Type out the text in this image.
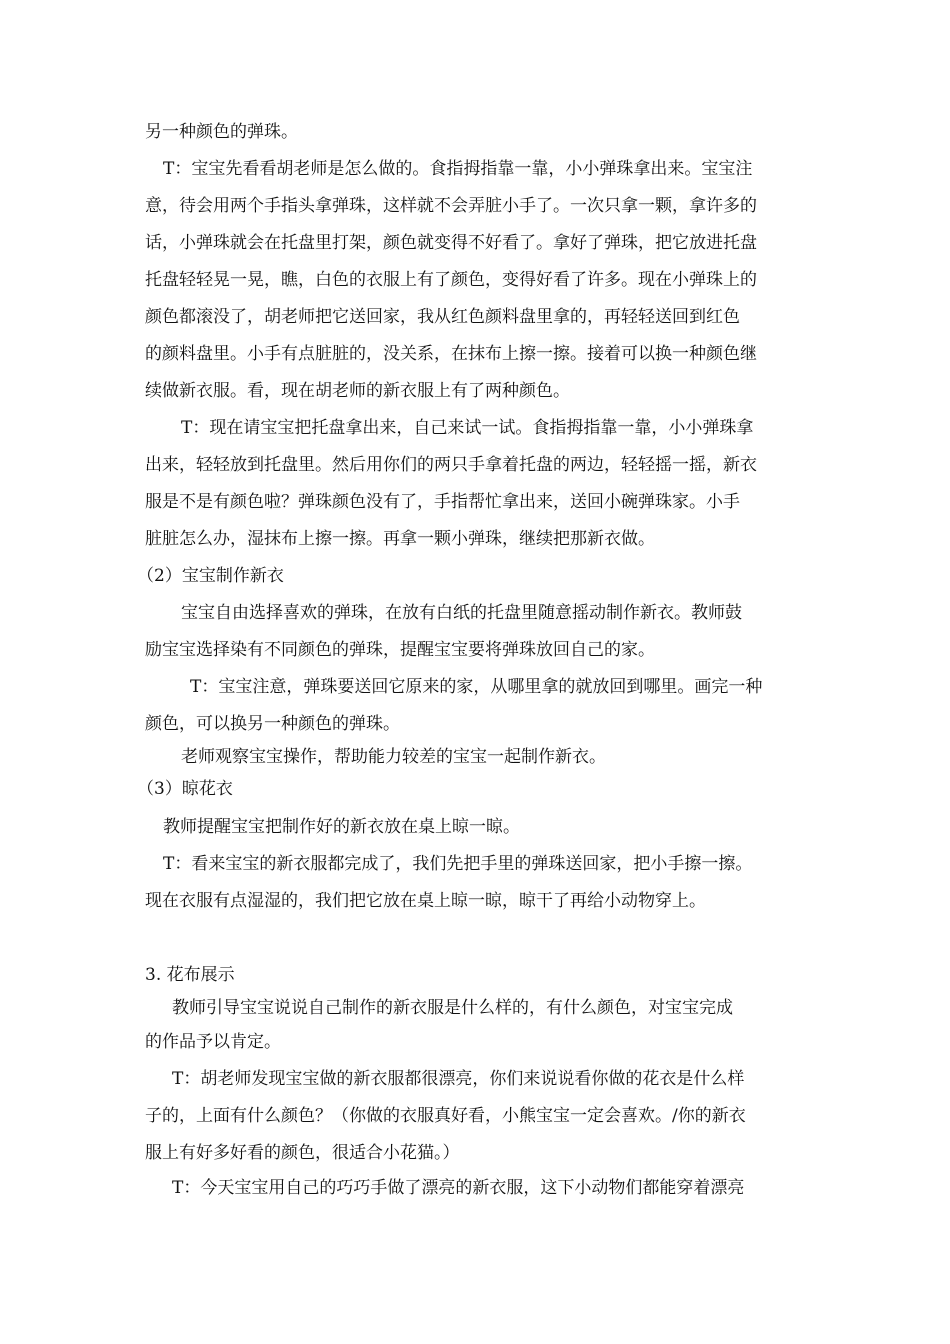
另一种颜色的弹珠。

T：宝宝先看看胡老师是怎么做的。食指拇指靠一靠，小小弹珠拿出来。宝宝注

意，待会用两个手指头拿弹珠，这样就不会弄脏小手了。一次只拿一颗，拿许多的

话，小弹珠就会在托盘里打架，颜色就变得不好看了。拿好了弹珠，把它放进托盘

托盘轻轻晃一晃，瞧，白色的衣服上有了颜色，变得好看了许多。现在小弹珠上的

颜色都滚没了，胡老师把它送回家，我从红色颜料盘里拿的，再轻轻送回到红色

的颜料盘里。小手有点脏脏的，没关系，在抹布上擦一擦。接着可以换一种颜色继

续做新衣服。看，现在胡老师的新衣服上有了两种颜色。

T：现在请宝宝把托盘拿出来，自己来试一试。食指拇指靠一靠，小小弹珠拿

出来，轻轻放到托盘里。然后用你们的两只手拿着托盘的两边，轻轻摇一摇，新衣

服是不是有颜色啦？弹珠颜色没有了，手指帮忙拿出来，送回小碗弹珠家。小手

脏脏怎么办，湿抹布上擦一擦。再拿一颗小弹珠，继续把那新衣做。

（2）宝宝制作新衣

宝宝自由选择喜欢的弹珠，在放有白纸的托盘里随意摇动制作新衣。教师鼓

励宝宝选择染有不同颜色的弹珠，提醒宝宝要将弹珠放回自己的家。

T：宝宝注意，弹珠要送回它原来的家，从哪里拿的就放回到哪里。画完一种

颜色，可以换另一种颜色的弹珠。

老师观察宝宝操作，帮助能力较差的宝宝一起制作新衣。

（3）晾花衣

教师提醒宝宝把制作好的新衣放在桌上晾一晾。

T：看来宝宝的新衣服都完成了，我们先把手里的弹珠送回家，把小手擦一擦。

现在衣服有点湿湿的，我们把它放在桌上晾一晾，晾干了再给小动物穿上。

3. 花布展示

教师引导宝宝说说自己制作的新衣服是什么样的，有什么颜色，对宝宝完成

的作品予以肯定。

T：胡老师发现宝宝做的新衣服都很漂亮，你们来说说看你做的花衣是什么样

子的，上面有什么颜色？（你做的衣服真好看，小熊宝宝一定会喜欢。/你的新衣

服上有好多好看的颜色，很适合小花猫。）

T：今天宝宝用自己的巧巧手做了漂亮的新衣服，这下小动物们都能穿着漂亮
